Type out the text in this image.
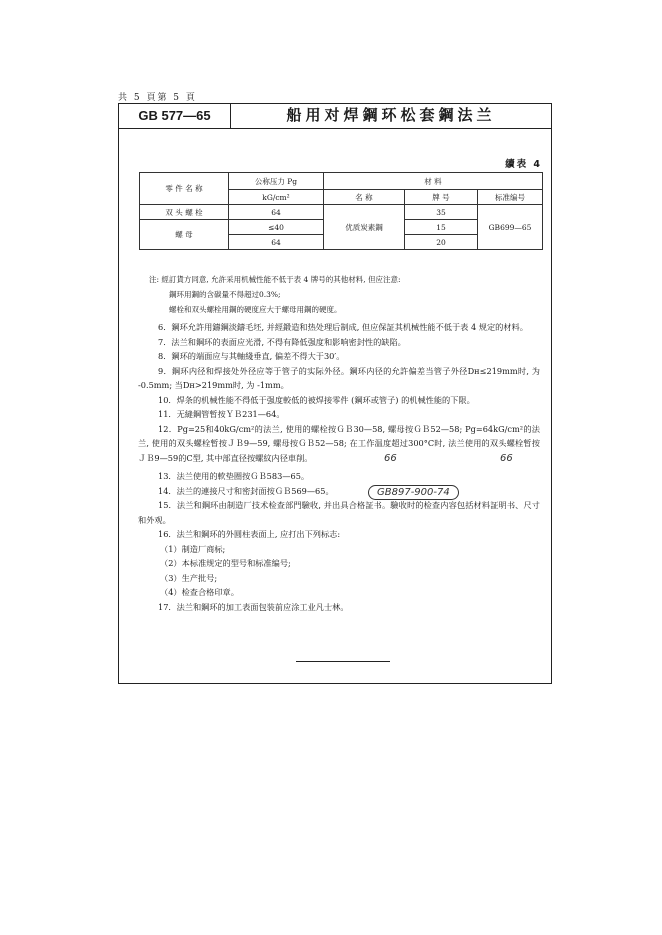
共 5 頁第 5 頁
GB 577—65	船用对焊鋼环松套鋼法兰
續表 4
零 件 名 称	公称压力 Pg	材 料		
	kG/cm²	名 称	牌 号	标准编号
双 头 螺 栓	64	优质炭素鋼	35	GB699—65
螺 母	≤40		15	
	64		20	
注: 經訂貨方同意, 允許采用机械性能不低于表 4 牌号的其他材料, 但应注意:
鋼环用鋼的含碳量不得超过0.3%;
螺栓和双头螺栓用鋼的硬度应大于螺母用鋼的硬度。

6．鋼环允許用鑄鋼淡鑄毛坯, 并經鍛造和热处理后制成, 但应保証其机械性能不低于表 4 规定的材料。

7．法兰和鋼环的表面应光滑, 不得有降低强度和影响密封性的缺陷。

8．鋼环的端面应与其軸綫垂直, 偏差不得大于30′。

9．鋼环内径和焊接处外径应等于管子的实际外径。鋼环内径的允許偏差当管子外径Dн≤219mm时, 为 -0.5mm; 当Dн>219mm时, 为 -1mm。

10．焊条的机械性能不得低于强度較低的被焊接零件 (鋼环或管子) 的机械性能的下限。

11．无縫鋼管暂按ＹＢ231—64。

12．Pg=25和40kG/cm²的法兰, 使用的螺栓按ＧＢ30—58, 螺母按ＧＢ52—58; Pg=64kG/cm²的法兰, 使用的双头螺栓暂按ＪＢ9—59, 螺母按ＧＢ52—58; 在工作温度超过300°C时, 法兰使用的双头螺栓暂按ＪＢ9—59的C型, 其中部直径按螺紋内径車削。

13．法兰使用的軟垫圈按ＧＢ583—65。

14．法兰的連接尺寸和密封面按ＧＢ569—65。

15．法兰和鋼环由制造厂技术检查部門驗收, 并出具合格証书。驗收时的检查内容包括材料証明书、尺寸和外观。

16．法兰和鋼环的外圆柱表面上, 应打出下列标志:

（1）制造厂商标;

（2）本标准规定的型号和标准编号;

（3）生产批号;

（4）检查合格印章。

17．法兰和鋼环的加工表面包装前应涂工业凡士林。

66	66
GB897-900-74
